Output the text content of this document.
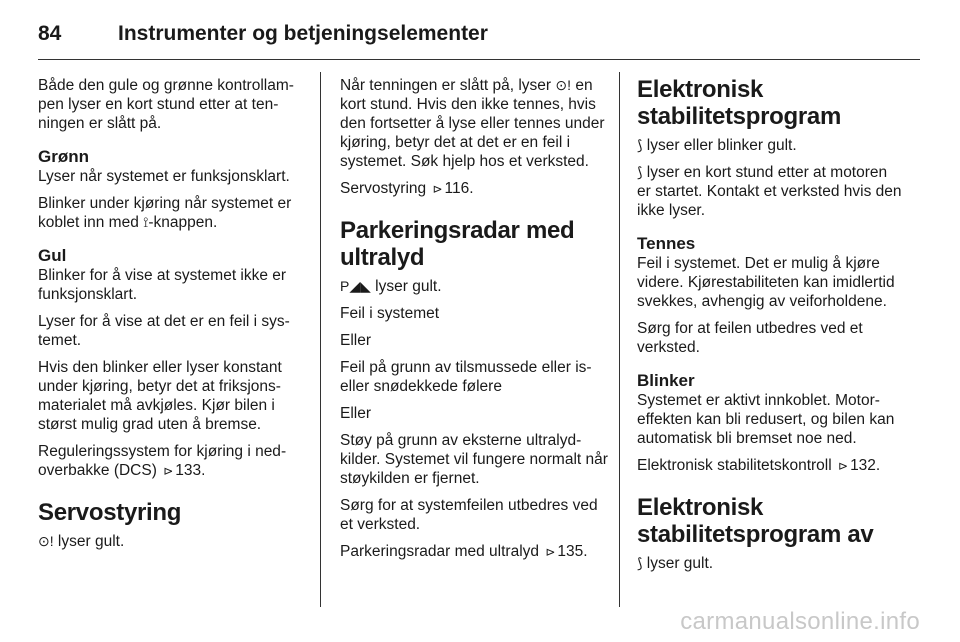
84	Instrumenter og betjeningselementer

Både den gule og grønne kontrollampen lyser en kort stund etter at tenningen er slått på.

Grønn

Lyser når systemet er funksjonsklart.

Blinker under kjøring når systemet er koblet inn med ⟟-knappen.

Gul

Blinker for å vise at systemet ikke er funksjonsklart.

Lyser for å vise at det er en feil i systemet.

Hvis den blinker eller lyser konstant under kjøring, betyr det at friksjonsmaterialet må avkjøles. Kjør bilen i størst mulig grad uten å bremse.

Reguleringssystem for kjøring i nedoverbakke (DCS) ⊳ 133.

Servostyring

⊙! lyser gult.

Når tenningen er slått på, lyser ⊙! en kort stund. Hvis den ikke tennes, hvis den fortsetter å lyse eller tennes under kjøring, betyr det at det er en feil i systemet. Søk hjelp hos et verksted.

Servostyring ⊳ 116.

Parkeringsradar med ultralyd

P◢◣ lyser gult.

Feil i systemet

Eller

Feil på grunn av tilsmussede eller iseller snødekkede følere

Eller

Støy på grunn av eksterne ultralydkilder. Systemet vil fungere normalt når støykilden er fjernet.

Sørg for at systemfeilen utbedres ved et verksted.

Parkeringsradar med ultralyd ⊳ 135.

Elektronisk stabilitetsprogram

⟆ lyser eller blinker gult.

⟆ lyser en kort stund etter at motoren er startet. Kontakt et verksted hvis den ikke lyser.

Tennes

Feil i systemet. Det er mulig å kjøre videre. Kjørestabiliteten kan imidlertid svekkes, avhengig av veiforholdene.

Sørg for at feilen utbedres ved et verksted.

Blinker

Systemet er aktivt innkoblet. Motoreffekten kan bli redusert, og bilen kan automatisk bli bremset noe ned.

Elektronisk stabilitetskontroll ⊳ 132.

Elektronisk stabilitetsprogram av

⟆ lyser gult.

carmanualsonline.info
